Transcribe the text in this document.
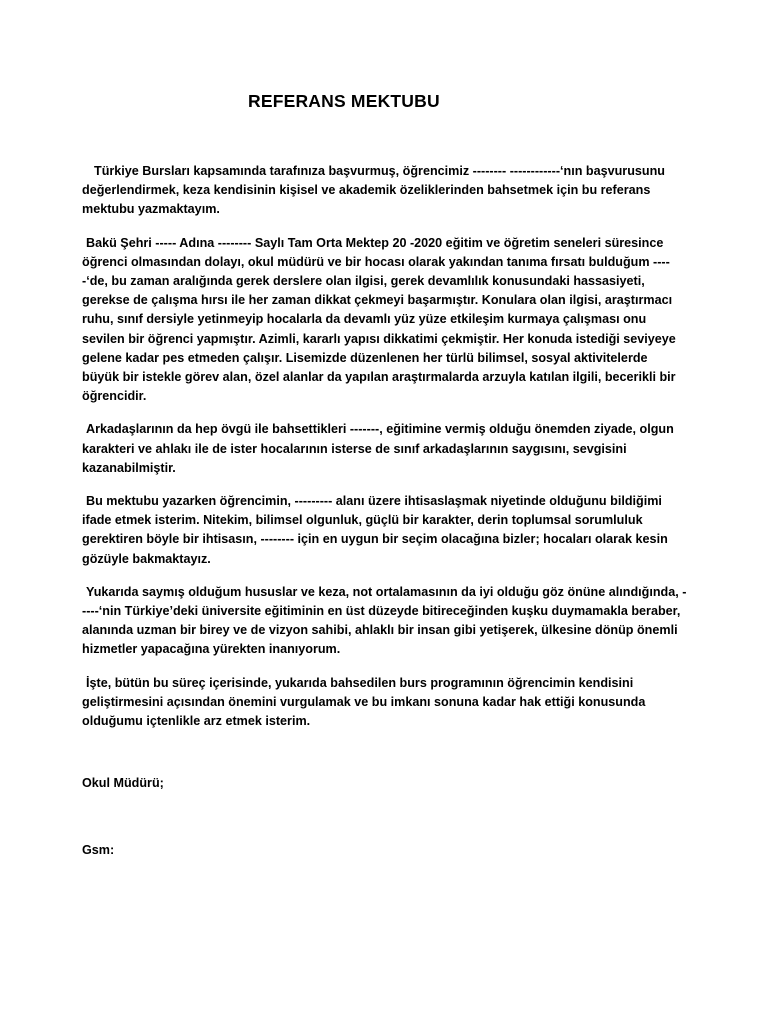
REFERANS MEKTUBU

Türkiye Bursları kapsamında tarafınıza başvurmuş, öğrencimiz -------- ------------‘nın başvurusunu değerlendirmek, keza kendisinin kişisel ve akademik özeliklerinden bahsetmek için bu referans mektubu yazmaktayım.

Bakü Şehri ----- Adına -------- Saylı Tam Orta Mektep 20 -2020 eğitim ve öğretim seneleri süresince öğrenci olmasından dolayı, okul müdürü ve bir hocası olarak yakından tanıma fırsatı bulduğum -----‘de, bu zaman aralığında gerek derslere olan ilgisi, gerek devamlılık konusundaki hassasiyeti, gerekse de çalışma hırsı ile her zaman dikkat çekmeyi başarmıştır. Konulara olan ilgisi, araştırmacı ruhu, sınıf dersiyle yetinmeyip hocalarla da devamlı yüz yüze etkileşim kurmaya çalışması onu sevilen bir öğrenci yapmıştır. Azimli, kararlı yapısı dikkatimi çekmiştir. Her konuda istediği seviyeye gelene kadar pes etmeden çalışır. Lisemizde düzenlenen her türlü bilimsel, sosyal aktivitelerde büyük bir istekle görev alan, özel alanlar da yapılan araştırmalarda arzuyla katılan ilgili, becerikli bir öğrencidir.

Arkadaşlarının da hep övgü ile bahsettikleri -------, eğitimine vermiş olduğu önemden ziyade, olgun karakteri ve ahlakı ile de ister hocalarının isterse de sınıf arkadaşlarının saygısını, sevgisini kazanabilmiştir.

Bu mektubu yazarken öğrencimin, --------- alanı üzere ihtisaslaşmak niyetinde olduğunu bildiğimi ifade etmek isterim. Nitekim, bilimsel olgunluk, güçlü bir karakter, derin toplumsal sorumluluk gerektiren böyle bir ihtisasın, -------- için en uygun bir seçim olacağına bizler; hocaları olarak kesin gözüyle bakmaktayız.

Yukarıda saymış olduğum hususlar ve keza, not ortalamasının da iyi olduğu göz önüne alındığında, -----‘nin Türkiye’deki üniversite eğitiminin en üst düzeyde bitireceğinden kuşku duymamakla beraber, alanında uzman bir birey ve de vizyon sahibi, ahlaklı bir insan gibi yetişerek, ülkesine dönüp önemli hizmetler yapacağına yürekten inanıyorum.

İşte, bütün bu süreç içerisinde, yukarıda bahsedilen burs programının öğrencimin kendisini geliştirmesini açısından önemini vurgulamak ve bu imkanı sonuna kadar hak ettiği konusunda olduğumu içtenlikle arz etmek isterim.

Okul Müdürü;
Gsm:
